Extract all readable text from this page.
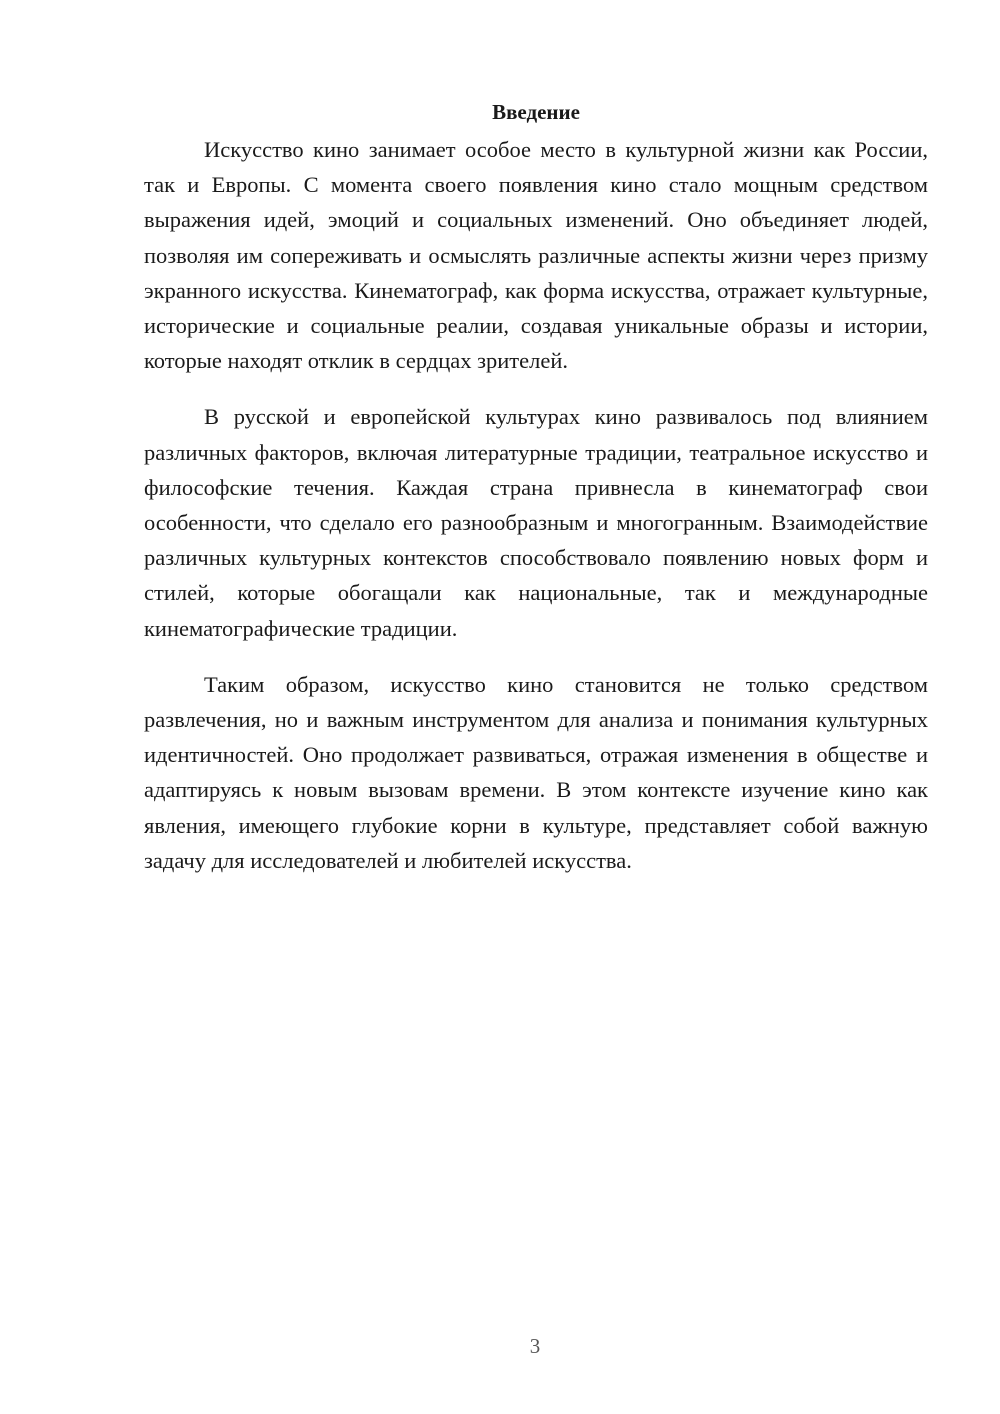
Введение

Искусство кино занимает особое место в культурной жизни как России, так и Европы. С момента своего появления кино стало мощным средством выражения идей, эмоций и социальных изменений. Оно объединяет людей, позволяя им сопереживать и осмыслять различные аспекты жизни через призму экранного искусства. Кинематограф, как форма искусства, отражает культурные, исторические и социальные реалии, создавая уникальные образы и истории, которые находят отклик в сердцах зрителей.

В русской и европейской культурах кино развивалось под влиянием различных факторов, включая литературные традиции, театральное искусство и философские течения. Каждая страна привнесла в кинематограф свои особенности, что сделало его разнообразным и многогранным. Взаимодействие различных культурных контекстов способствовало появлению новых форм и стилей, которые обогащали как национальные, так и международные кинематографические традиции.

Таким образом, искусство кино становится не только средством развлечения, но и важным инструментом для анализа и понимания культурных идентичностей. Оно продолжает развиваться, отражая изменения в обществе и адаптируясь к новым вызовам времени. В этом контексте изучение кино как явления, имеющего глубокие корни в культуре, представляет собой важную задачу для исследователей и любителей искусства.

3
